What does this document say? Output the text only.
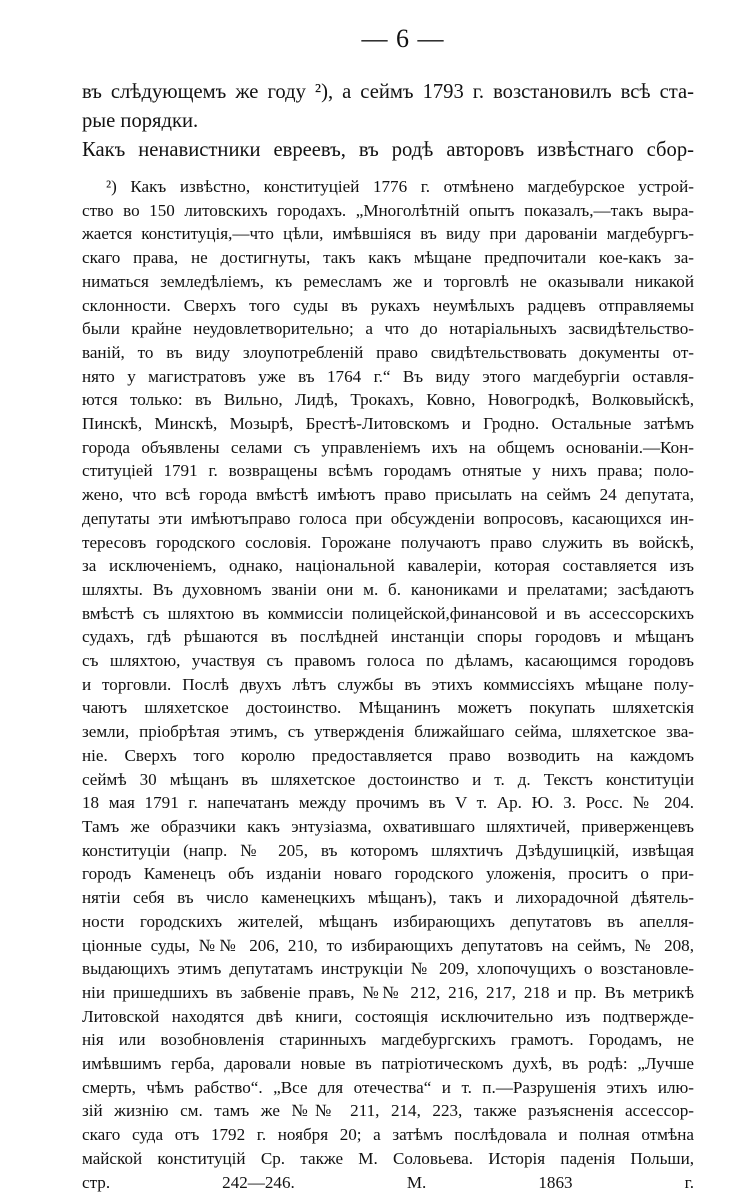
— 6 —
въ слѣдующемъ же году ²), а сеймъ 1793 г. возстановилъ всѣ ста-
рые порядки.
Какъ ненавистники евреевъ, въ родѣ авторовъ извѣстнаго сбор-
²) Какъ извѣстно, конституціей 1776 г. отмѣнено магдебурское устрой-
ство во 150 литовскихъ городахъ. „Многолѣтній опытъ показалъ,—такъ выра-
жается конституція,—что цѣли, имѣвшіяся въ виду при дарованіи магдебургъ-
скаго права, не достигнуты, такъ какъ мѣщане предпочитали кое-какъ за-
ниматься земледѣліемъ, къ ремесламъ же и торговлѣ не оказывали никакой
склонности. Сверхъ того суды въ рукахъ неумѣлыхъ радцевъ отправляемы
были крайне неудовлетворительно; а что до нотаріальныхъ засвидѣтельство-
ваній, то въ виду злоупотребленій право свидѣтельствовать документы от-
нято у магистратовъ уже въ 1764 г.“ Въ виду этого магдебургіи оставля-
ются только: въ Вильно, Лидѣ, Трокахъ, Ковно, Новогродкѣ, Волковыйскѣ,
Пинскѣ, Минскѣ, Мозырѣ, Брестѣ-Литовскомъ и Гродно. Остальные затѣмъ
города объявлены селами съ управленіемъ ихъ на общемъ основаніи.—Кон-
ституціей 1791 г. возвращены всѣмъ городамъ отнятые у нихъ права; поло-
жено, что всѣ города вмѣстѣ имѣютъ право присылать на сеймъ 24 депутата,
депутаты эти имѣютъправо голоса при обсужденіи вопросовъ, касающихся ин-
тересовъ городского сословія. Горожане получаютъ право служить въ войскѣ,
за исключеніемъ, однако, національной кавалеріи, которая составляется изъ
шляхты. Въ духовномъ званіи они м. б. канониками и прелатами; засѣдаютъ
вмѣстѣ съ шляхтою въ коммиссіи полицейской,финансовой и въ ассессорскихъ
судахъ, гдѣ рѣшаются въ послѣдней инстанціи споры городовъ и мѣщанъ
съ шляхтою, участвуя съ правомъ голоса по дѣламъ, касающимся городовъ
и торговли. Послѣ двухъ лѣтъ службы въ этихъ коммиссіяхъ мѣщане полу-
чаютъ шляхетское достоинство. Мѣщанинъ можетъ покупать шляхетскія
земли, пріобрѣтая этимъ, съ утвержденія ближайшаго сейма, шляхетское зва-
ніе. Сверхъ того королю предоставляется право возводить на каждомъ
сеймѣ 30 мѣщанъ въ шляхетское достоинство и т. д. Текстъ конституціи
18 мая 1791 г. напечатанъ между прочимъ въ V т. Ар. Ю. З. Росс. № 204.
Тамъ же образчики какъ энтузіазма, охватившаго шляхтичей, приверженцевъ
конституціи (напр. № 205, въ которомъ шляхтичъ Дзѣдушицкій, извѣщая
городъ Каменецъ объ изданіи новаго городского уложенія, проситъ о при-
нятіи себя въ число каменецкихъ мѣщанъ), такъ и лихорадочной дѣятель-
ности городскихъ жителей, мѣщанъ избирающихъ депутатовъ въ апелля-
ціонные суды, №№ 206, 210, то избирающихъ депутатовъ на сеймъ, № 208,
выдающихъ этимъ депутатамъ инструкціи № 209, хлопочущихъ о возстановле-
ніи пришедшихъ въ забвеніе правъ, №№ 212, 216, 217, 218 и пр. Въ метрикѣ
Литовской находятся двѣ книги, состоящія исключительно изъ подтвержде-
нія или возобновленія старинныхъ магдебургскихъ грамотъ. Городамъ, не
имѣвшимъ герба, даровали новые въ патріотическомъ духѣ, въ родѣ: „Лучше
смерть, чѣмъ рабство“. „Все для отечества“ и т. п.—Разрушенія этихъ илю-
зій жизнію см. тамъ же №№ 211, 214, 223, также разъясненія ассессор-
скаго суда отъ 1792 г. ноября 20; а затѣмъ послѣдовала и полная отмѣна
майской конституцій Ср. также М. Соловьева. Исторія паденія Польши,
стр. 242—246. М. 1863 г.
